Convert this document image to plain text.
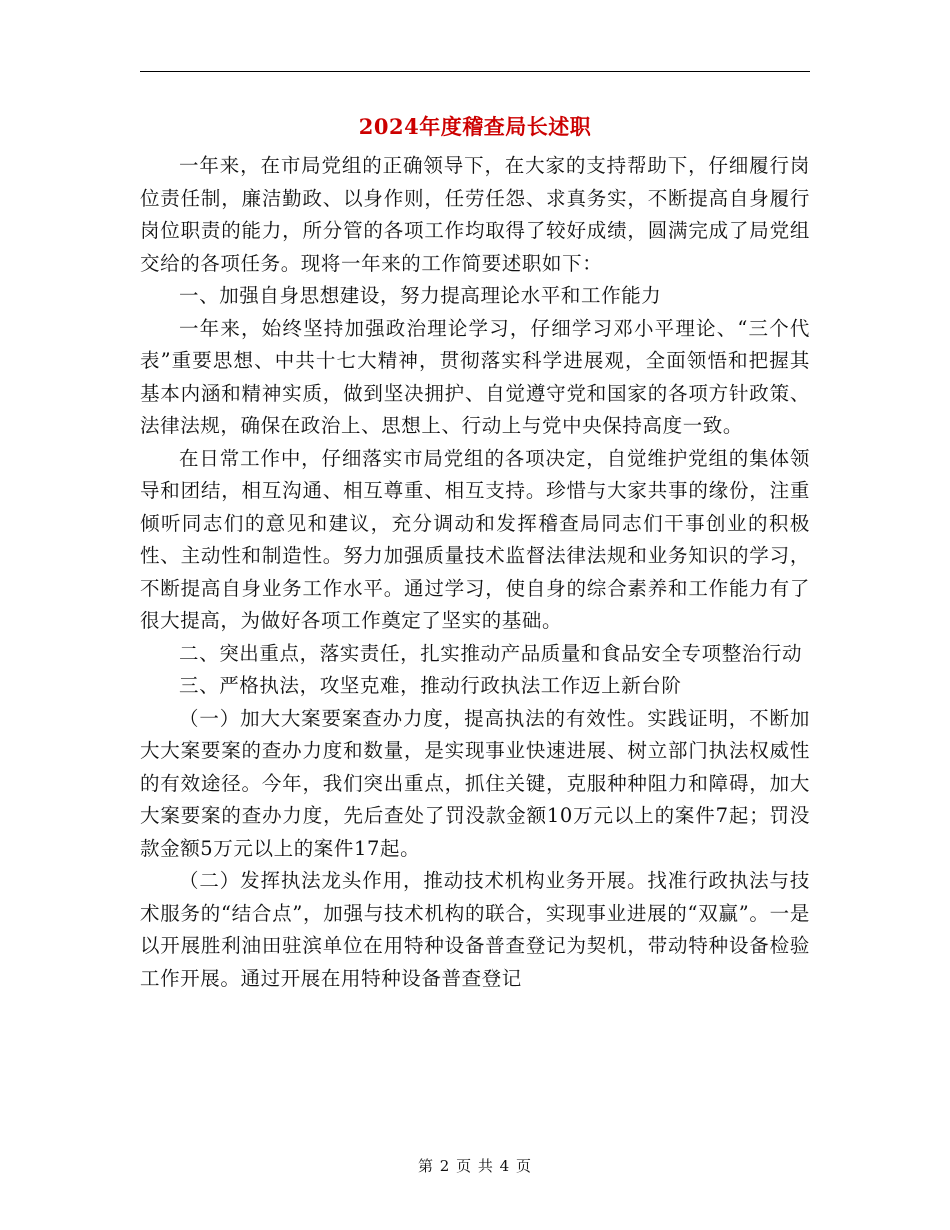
2024年度稽查局长述职

一年来，在市局党组的正确领导下，在大家的支持帮助下，仔细履行岗位责任制，廉洁勤政、以身作则，任劳任怨、求真务实，不断提高自身履行岗位职责的能力，所分管的各项工作均取得了较好成绩，圆满完成了局党组交给的各项任务。现将一年来的工作简要述职如下：

一、加强自身思想建设，努力提高理论水平和工作能力

一年来，始终坚持加强政治理论学习，仔细学习邓小平理论、“三个代表”重要思想、中共十七大精神，贯彻落实科学进展观，全面领悟和把握其基本内涵和精神实质，做到坚决拥护、自觉遵守党和国家的各项方针政策、法律法规，确保在政治上、思想上、行动上与党中央保持高度一致。

在日常工作中，仔细落实市局党组的各项决定，自觉维护党组的集体领导和团结，相互沟通、相互尊重、相互支持。珍惜与大家共事的缘份，注重倾听同志们的意见和建议，充分调动和发挥稽查局同志们干事创业的积极性、主动性和制造性。努力加强质量技术监督法律法规和业务知识的学习，不断提高自身业务工作水平。通过学习，使自身的综合素养和工作能力有了很大提高，为做好各项工作奠定了坚实的基础。

二、突出重点，落实责任，扎实推动产品质量和食品安全专项整治行动

三、严格执法，攻坚克难，推动行政执法工作迈上新台阶

（一）加大大案要案查办力度，提高执法的有效性。实践证明，不断加大大案要案的查办力度和数量，是实现事业快速进展、树立部门执法权威性的有效途径。今年，我们突出重点，抓住关键，克服种种阻力和障碍，加大大案要案的查办力度，先后查处了罚没款金额10万元以上的案件7起；罚没款金额5万元以上的案件17起。

（二）发挥执法龙头作用，推动技术机构业务开展。找准行政执法与技术服务的“结合点”，加强与技术机构的联合，实现事业进展的“双赢”。一是以开展胜利油田驻滨单位在用特种设备普查登记为契机，带动特种设备检验工作开展。通过开展在用特种设备普查登记

第 2 页 共 4 页
